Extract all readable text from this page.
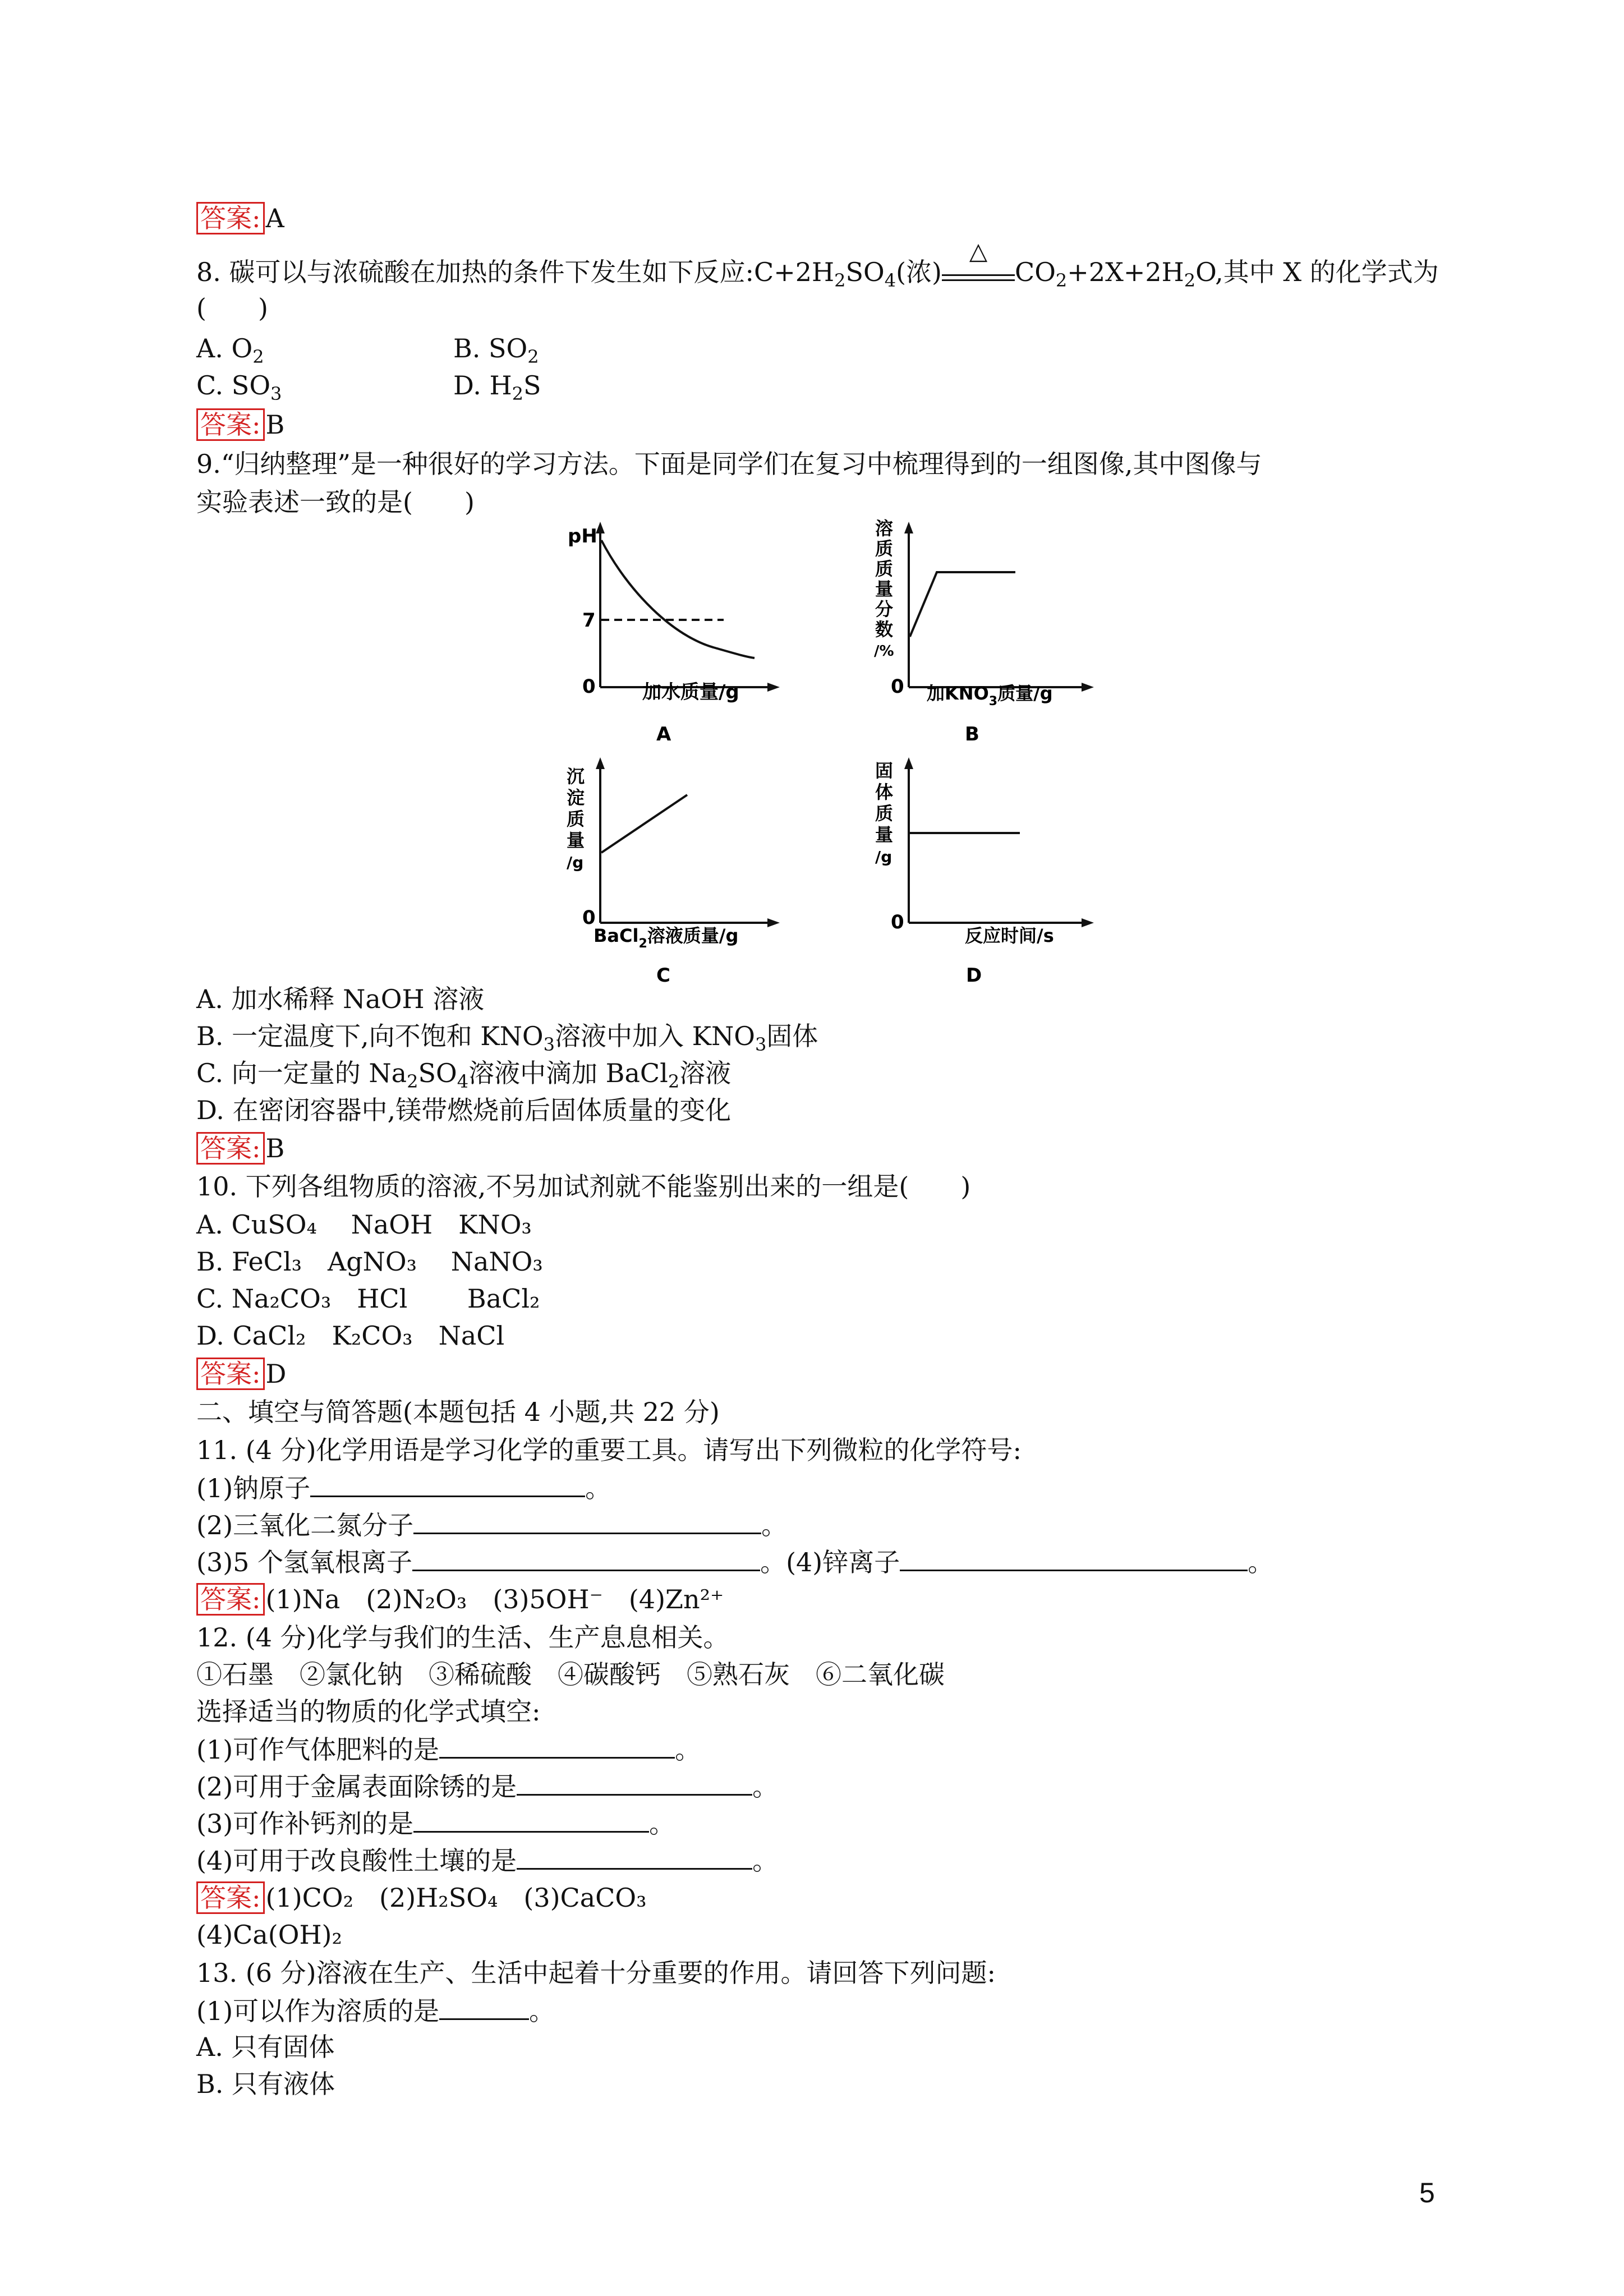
答案: A
8. 碳可以与浓硫酸在加热的条件下发生如下反应$:C+2H_2SO_4$(浓)
△
$CO_2+2X+2H_2O$,其中 X 的化学式为
(　　)
A. $O_2$	B. $SO_2$
C. $SO_3$	D. $H_2S$
答案: B
9.“归纳整理”是一种很好的学习方法。下面是同学们在复习中梳理得到的一组图像,其中图像与
实验表述一致的是(　　)
pH
7
0 加水质量/g
A
溶 质 质 量 分 数 /%
0 加$KNO_3$质量/g
B
沉 淀 质 量 /g
0
BaCl$_2$溶液质量/g
C
固 体 质 量 /g
0
反应时间/s
D
A. 加水稀释 NaOH 溶液
B. 一定温度下,向不饱和 $KNO_3$溶液中加入 $KNO_3$固体
C. 向一定量的 $Na_2SO_4$溶液中滴加 BaCl$_2$溶液
D. 在密闭容器中,镁带燃烧前后固体质量的变化
答案: B
10. 下列各组物质的溶液,不另加试剂就不能鉴别出来的一组是(　　)
A. CuSO₄　 NaOH　KNO₃
B. FeCl₃　AgNO₃　 NaNO₃
C. Na₂CO₃　HCl　　 BaCl₂
D. CaCl₂　K₂CO₃　NaCl
答案: D
二、填空与简答题(本题包括 4 小题,共 22 分)
11. (4 分)化学用语是学习化学的重要工具。请写出下列微粒的化学符号:
(1)钠原子	。
(2)三氧化二氮分子	。
(3)5 个氢氧根离子	。(4)锌离子	。
答案: (1)Na　(2)N₂O₃　(3)5OH⁻　(4)Zn²⁺
12. (4 分)化学与我们的生活、生产息息相关。
①石墨　②氯化钠　③稀硫酸　④碳酸钙　⑤熟石灰　⑥二氧化碳
选择适当的物质的化学式填空:
(1)可作气体肥料的是	。
(2)可用于金属表面除锈的是	。
(3)可作补钙剂的是	。
(4)可用于改良酸性土壤的是	。
答案: (1)CO₂　(2)H₂SO₄　(3)CaCO₃
(4)Ca(OH)₂
13. (6 分)溶液在生产、生活中起着十分重要的作用。请回答下列问题:
(1)可以作为溶质的是	。
A. 只有固体
B. 只有液体
5
